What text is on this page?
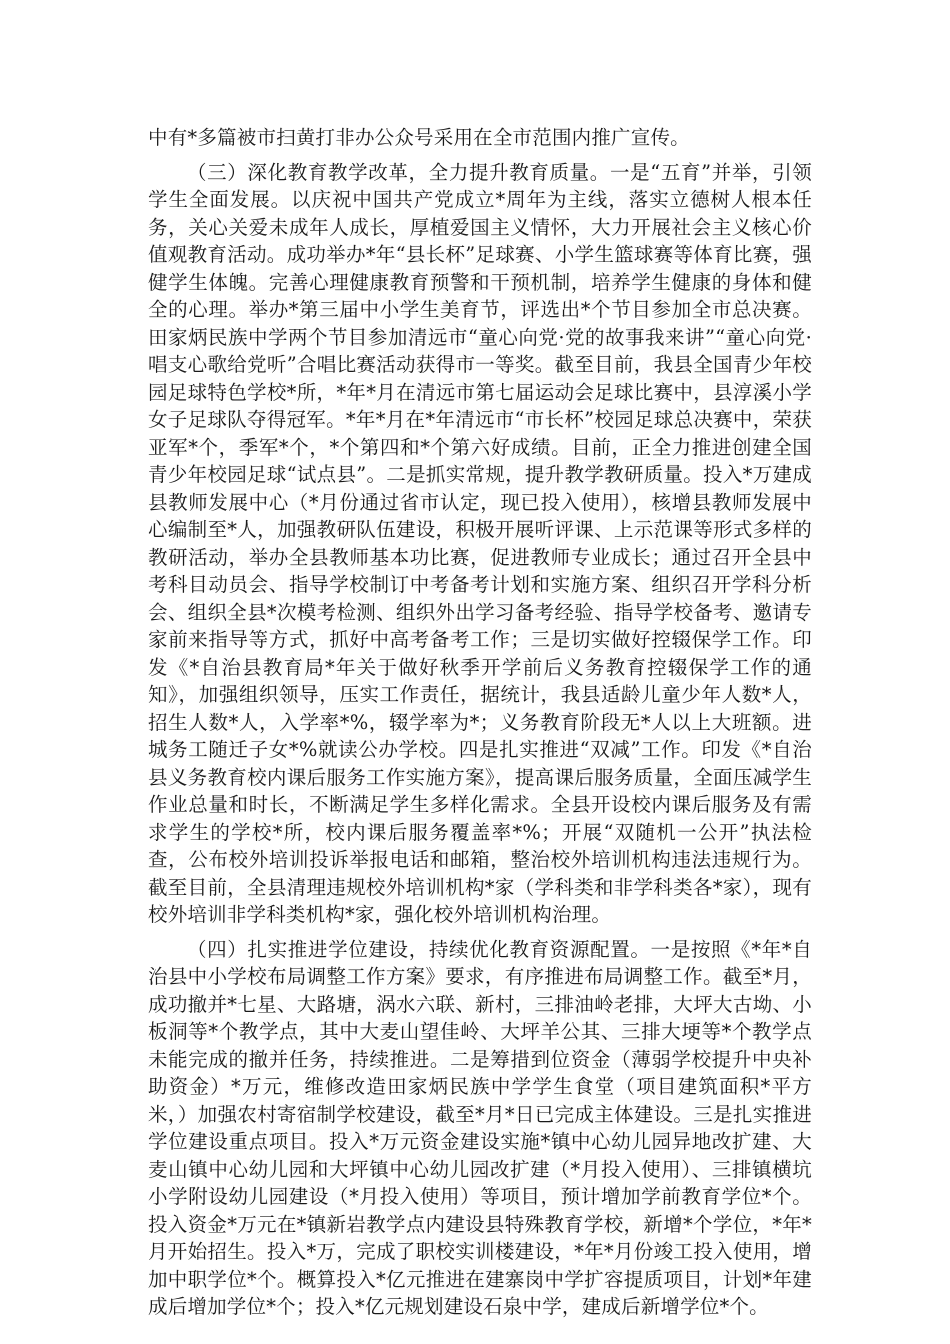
中有*多篇被市扫黄打非办公众号采用在全市范围内推广宣传。

（三）深化教育教学改革，全力提升教育质量。一是“五育”并举，引领学生全面发展。以庆祝中国共产党成立*周年为主线，落实立德树人根本任务，关心关爱未成年人成长，厚植爱国主义情怀，大力开展社会主义核心价值观教育活动。成功举办*年“县长杯”足球赛、小学生篮球赛等体育比赛，强健学生体魄。完善心理健康教育预警和干预机制，培养学生健康的身体和健全的心理。举办*第三届中小学生美育节，评选出*个节目参加全市总决赛。田家炳民族中学两个节目参加清远市“童心向党·党的故事我来讲”“童心向党·唱支心歌给党听”合唱比赛活动获得市一等奖。截至目前，我县全国青少年校园足球特色学校*所，*年*月在清远市第七届运动会足球比赛中，县淳溪小学女子足球队夺得冠军。*年*月在*年清远市“市长杯”校园足球总决赛中，荣获亚军*个，季军*个，*个第四和*个第六好成绩。目前，正全力推进创建全国青少年校园足球“试点县”。二是抓实常规，提升教学教研质量。投入*万建成县教师发展中心（*月份通过省市认定，现已投入使用），核增县教师发展中心编制至*人，加强教研队伍建设，积极开展听评课、上示范课等形式多样的教研活动，举办全县教师基本功比赛，促进教师专业成长；通过召开全县中考科目动员会、指导学校制订中考备考计划和实施方案、组织召开学科分析会、组织全县*次模考检测、组织外出学习备考经验、指导学校备考、邀请专家前来指导等方式，抓好中高考备考工作；三是切实做好控辍保学工作。印发《*自治县教育局*年关于做好秋季开学前后义务教育控辍保学工作的通知》，加强组织领导，压实工作责任，据统计，我县适龄儿童少年人数*人，招生人数*人，入学率*%，辍学率为*；义务教育阶段无*人以上大班额。进城务工随迁子女*%就读公办学校。四是扎实推进“双减”工作。印发《*自治县义务教育校内课后服务工作实施方案》，提高课后服务质量，全面压减学生作业总量和时长，不断满足学生多样化需求。全县开设校内课后服务及有需求学生的学校*所，校内课后服务覆盖率*%；开展“双随机一公开”执法检查，公布校外培训投诉举报电话和邮箱，整治校外培训机构违法违规行为。截至目前，全县清理违规校外培训机构*家（学科类和非学科类各*家），现有校外培训非学科类机构*家，强化校外培训机构治理。

（四）扎实推进学位建设，持续优化教育资源配置。一是按照《*年*自治县中小学校布局调整工作方案》要求，有序推进布局调整工作。截至*月，成功撤并*七星、大路塘，涡水六联、新村，三排油岭老排，大坪大古坳、小板洞等*个教学点，其中大麦山望佳岭、大坪羊公其、三排大埂等*个教学点未能完成的撤并任务，持续推进。二是筹措到位资金（薄弱学校提升中央补助资金）*万元，维修改造田家炳民族中学学生食堂（项目建筑面积*平方米，）加强农村寄宿制学校建设，截至*月*日已完成主体建设。三是扎实推进学位建设重点项目。投入*万元资金建设实施*镇中心幼儿园异地改扩建、大麦山镇中心幼儿园和大坪镇中心幼儿园改扩建（*月投入使用）、三排镇横坑小学附设幼儿园建设（*月投入使用）等项目，预计增加学前教育学位*个。投入资金*万元在*镇新岩教学点内建设县特殊教育学校，新增*个学位，*年*月开始招生。投入*万，完成了职校实训楼建设，*年*月份竣工投入使用，增加中职学位*个。概算投入*亿元推进在建寨岗中学扩容提质项目，计划*年建成后增加学位*个；投入*亿元规划建设石泉中学，建成后新增学位*个。
